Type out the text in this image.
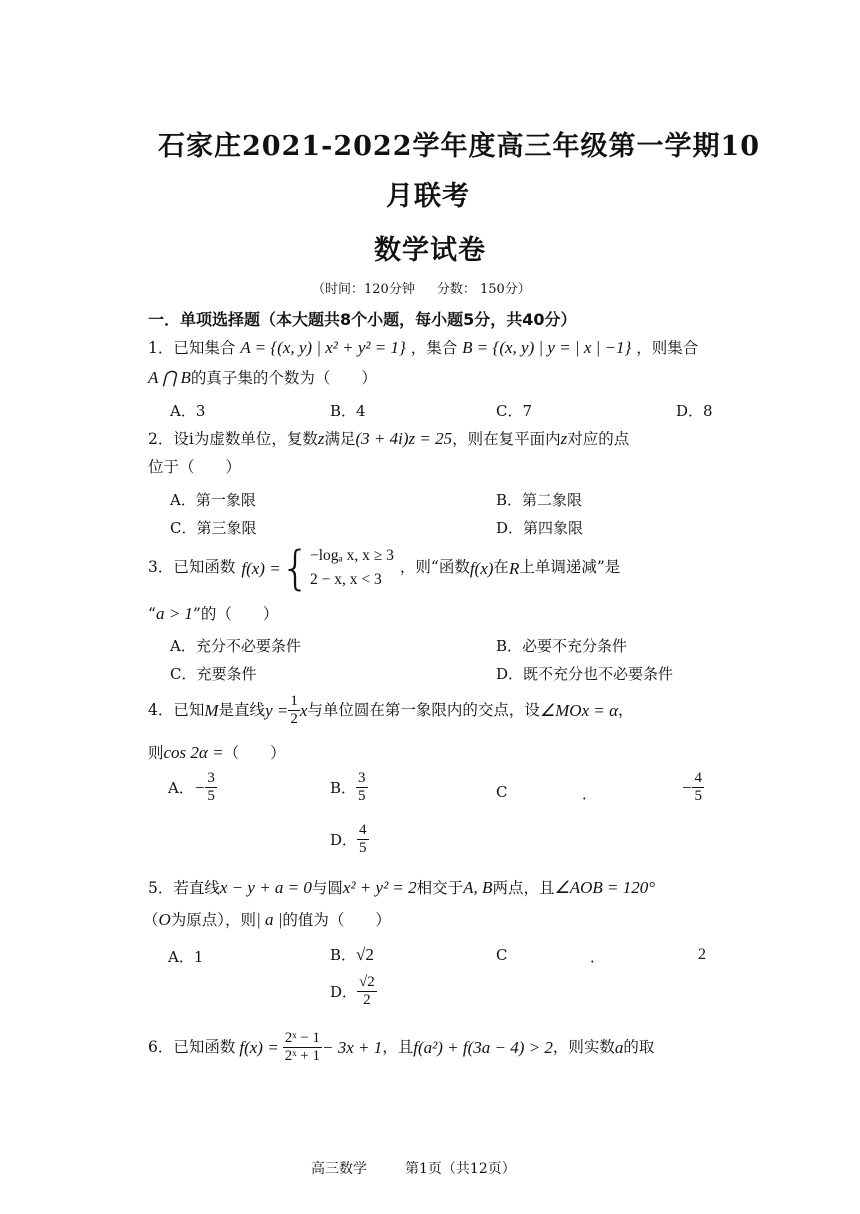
石家庄2021-2022学年度高三年级第一学期10
月联考
数学试卷
（时间：120分钟 分数： 150分）
一．单项选择题（本大题共8个小题，每小题5分，共40分）
1．已知集合 A = {(x, y) | x² + y² = 1} ，集合 B = {(x, y) | y = | x | −1} ，则集合
A ⋂ B的真子集的个数为（　　）
A．3	B．4	C．7	D．8
2．设i为虚数单位，复数z满足(3 + 4i)z = 25，则在复平面内z对应的点
位于（　　）
A．第一象限	B．第二象限
C．第三象限	D．第四象限
3．已知函数 f(x) = { −logₐ x, x ≥ 3
2 − x, x < 3
，则“函数 f(x) 在 R 上单调递减”是
“a > 1”的（　　）
A．充分不必要条件	B．必要不充分条件
C．充要条件	D．既不充分也不必要条件
4．已知 M 是直线 $y = \frac{1}{2}$ x 与单位圆在第一象限内的交点，设 ∠MOx = α ，
则cos 2α =（　　）
A． − $\frac{3}{5}$	B． $\frac{3}{5}$	C	．	− $\frac{4}{5}$
D． $\frac{4}{5}$
5．若直线x − y + a = 0与圆x² + y² = 2相交于A, B两点，且∠AOB = 120°
（O为原点），则| a |的值为（　　）
A．1	B．√2	C	．	2
D． $\frac{√2}{2}$
6．已知函数 $f(x) = \frac{\text{2ˣ − 1}}{\text{2ˣ + 1}} - 3x + 1$ ，且 f(a²) + f(3a − 4) > 2 ，则实数 a 的取
高三数学	第1页（共12页）
